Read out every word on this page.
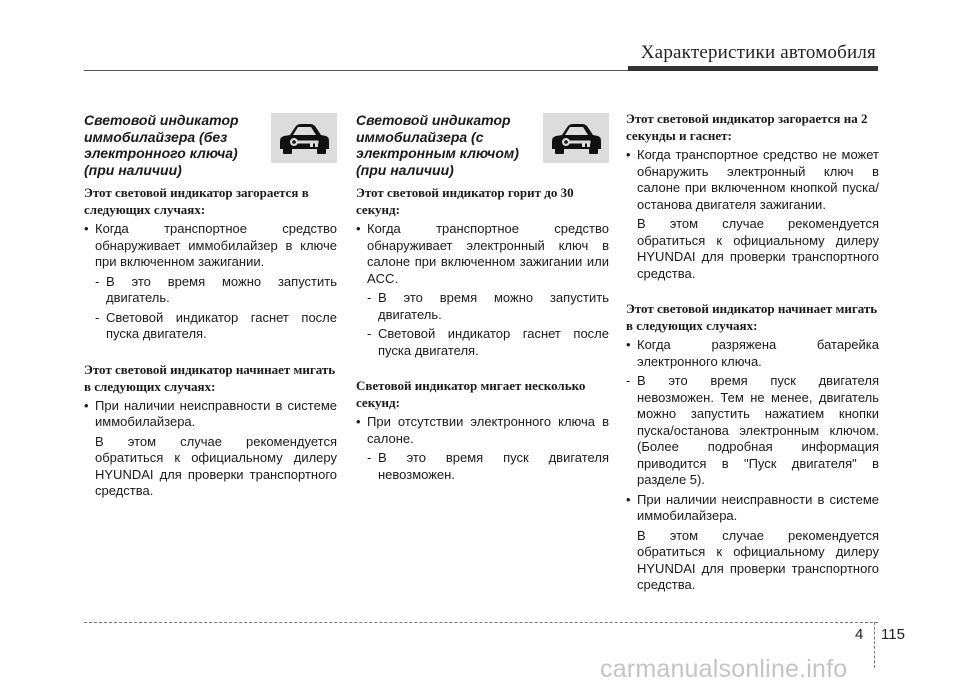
Характеристики автомобиля
Световой индикатор иммобилайзера (без электронного ключа) (при наличии)

Этот световой индикатор загорается в следующих случаях:

• Когда транспортное средство обнаруживает иммобилайзер в ключе при включенном зажигании.

- В это время можно запустить двигатель.

- Световой индикатор гаснет после пуска двигателя.

Этот световой индикатор начинает мигать в следующих случаях:

• При наличии неисправности в системе иммобилайзера.

В этом случае рекомендуется обратиться к официальному дилеру HYUNDAI для проверки транспортного средства.

Световой индикатор иммобилайзера (с электронным ключом) (при наличии)

Этот световой индикатор горит до 30 секунд:

• Когда транспортное средство обнаруживает электронный ключ в салоне при включенном зажигании или ACC.

- В это время можно запустить двигатель.

- Световой индикатор гаснет после пуска двигателя.

Световой индикатор мигает несколько секунд:

• При отсутствии электронного ключа в салоне.

- В это время пуск двигателя невозможен.

Этот световой индикатор загорается на 2 секунды и гаснет:

• Когда транспортное средство не может обнаружить электронный ключ в салоне при включенном кнопкой пуска/останова двигателя зажигании.

В этом случае рекомендуется обратиться к официальному дилеру HYUNDAI для проверки транспортного средства.

Этот световой индикатор начинает мигать в следующих случаях:

• Когда разряжена батарейка электронного ключа.

- В это время пуск двигателя невозможен. Тем не менее, двигатель можно запустить нажатием кнопки пуска/останова электронным ключом. (Более подробная информация приводится в "Пуск двигателя" в разделе 5).

• При наличии неисправности в системе иммобилайзера.

В этом случае рекомендуется обратиться к официальному дилеру HYUNDAI для проверки транспортного средства.

4 115
carmanualsonline.info
